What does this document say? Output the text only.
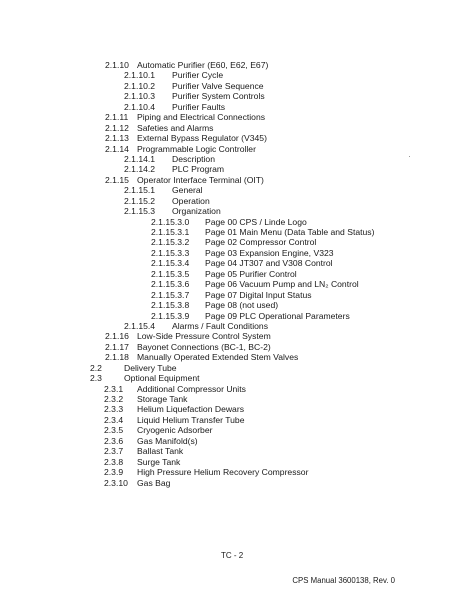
2.1.10 Automatic Purifier (E60, E62, E67)
2.1.10.1 Purifier Cycle
2.1.10.2 Purifier Valve Sequence
2.1.10.3 Purifier System Controls
2.1.10.4 Purifier Faults
2.1.11 Piping and Electrical Connections
2.1.12 Safeties and Alarms
2.1.13 External Bypass Regulator (V345)
2.1.14 Programmable Logic Controller
2.1.14.1 Description
2.1.14.2 PLC Program
2.1.15 Operator Interface Terminal (OIT)
2.1.15.1 General
2.1.15.2 Operation
2.1.15.3 Organization
2.1.15.3.0 Page 00 CPS / Linde Logo
2.1.15.3.1 Page 01 Main Menu (Data Table and Status)
2.1.15.3.2 Page 02 Compressor Control
2.1.15.3.3 Page 03 Expansion Engine, V323
2.1.15.3.4 Page 04 JT307 and V308 Control
2.1.15.3.5 Page 05 Purifier Control
2.1.15.3.6 Page 06 Vacuum Pump and LN₂ Control
2.1.15.3.7 Page 07 Digital Input Status
2.1.15.3.8 Page 08 (not used)
2.1.15.3.9 Page 09 PLC Operational Parameters
2.1.15.4 Alarms / Fault Conditions
2.1.16 Low-Side Pressure Control System
2.1.17 Bayonet Connections (BC-1, BC-2)
2.1.18 Manually Operated Extended Stem Valves
2.2	Delivery Tube
2.3	Optional Equipment
2.3.1 Additional Compressor Units
2.3.2 Storage Tank
2.3.3 Helium Liquefaction Dewars
2.3.4 Liquid Helium Transfer Tube
2.3.5 Cryogenic Adsorber
2.3.6 Gas Manifold(s)
2.3.7 Ballast Tank
2.3.8 Surge Tank
2.3.9 High Pressure Helium Recovery Compressor
2.3.10 Gas Bag
TC - 2
CPS Manual 3600138, Rev. 0
